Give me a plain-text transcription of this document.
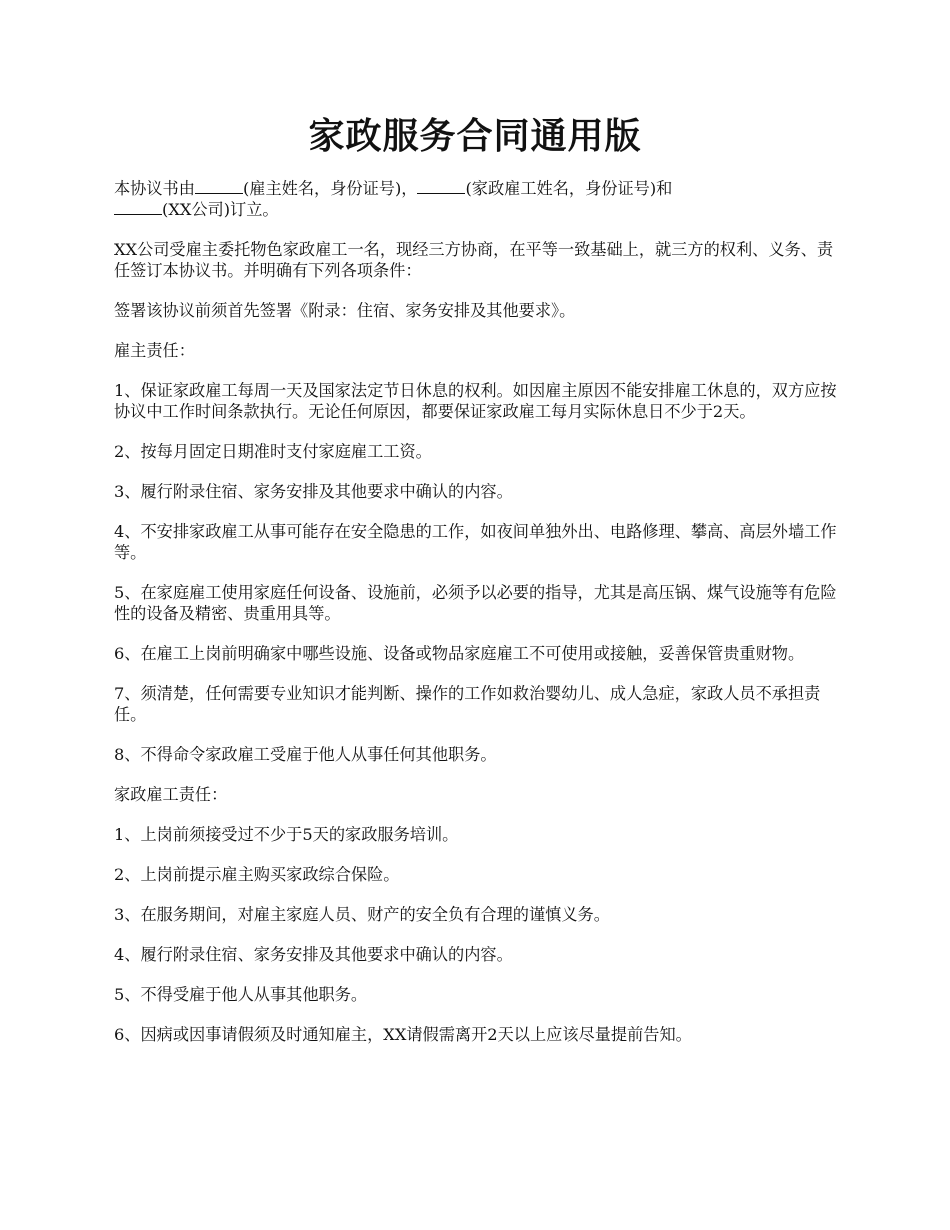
家政服务合同通用版

本协议书由	(雇主姓名，身份证号)，	(家政雇工姓名，身份证号)和
(XX公司)订立。

XX公司受雇主委托物色家政雇工一名，现经三方协商，在平等一致基础上，就三方的权利、义务、责任签订本协议书。并明确有下列各项条件：

签署该协议前须首先签署《附录：住宿、家务安排及其他要求》。

雇主责任：

1、保证家政雇工每周一天及国家法定节日休息的权利。如因雇主原因不能安排雇工休息的，双方应按协议中工作时间条款执行。无论任何原因，都要保证家政雇工每月实际休息日不少于2天。

2、按每月固定日期准时支付家庭雇工工资。

3、履行附录住宿、家务安排及其他要求中确认的内容。

4、不安排家政雇工从事可能存在安全隐患的工作，如夜间单独外出、电路修理、攀高、高层外墙工作等。

5、在家庭雇工使用家庭任何设备、设施前，必须予以必要的指导，尤其是高压锅、煤气设施等有危险性的设备及精密、贵重用具等。

6、在雇工上岗前明确家中哪些设施、设备或物品家庭雇工不可使用或接触，妥善保管贵重财物。

7、须清楚，任何需要专业知识才能判断、操作的工作如救治婴幼儿、成人急症，家政人员不承担责任。

8、不得命令家政雇工受雇于他人从事任何其他职务。

家政雇工责任：

1、上岗前须接受过不少于5天的家政服务培训。

2、上岗前提示雇主购买家政综合保险。

3、在服务期间，对雇主家庭人员、财产的安全负有合理的谨慎义务。

4、履行附录住宿、家务安排及其他要求中确认的内容。

5、不得受雇于他人从事其他职务。

6、因病或因事请假须及时通知雇主，XX请假需离开2天以上应该尽量提前告知。
